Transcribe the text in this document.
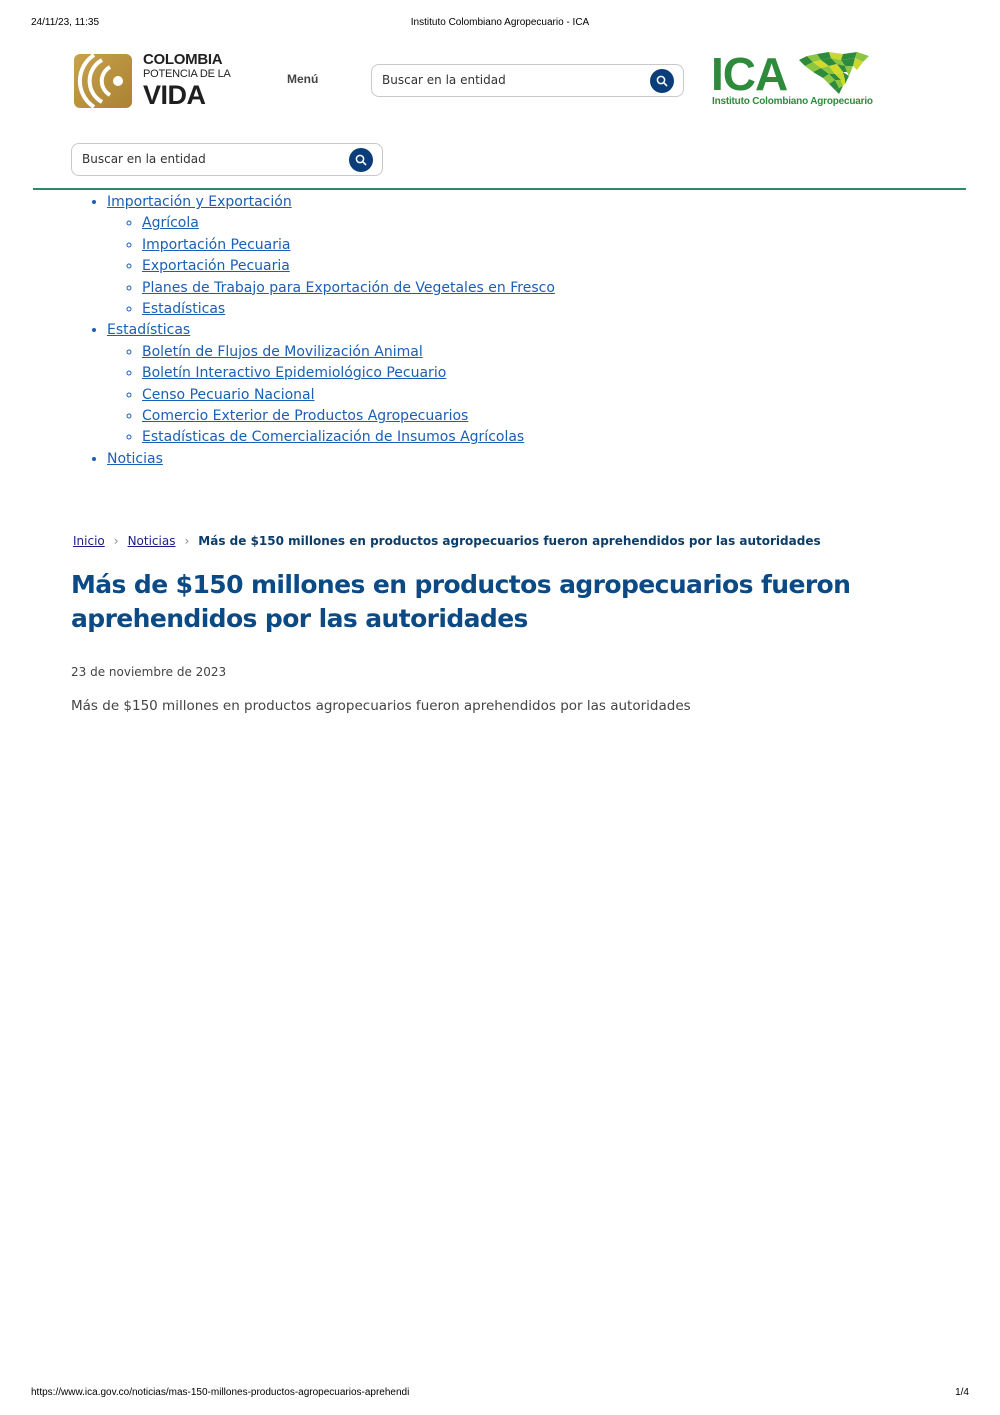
24/11/23, 11:35	Instituto Colombiano Agropecuario - ICA
COLOMBIA
POTENCIA DE LA
VIDA
Menú
Buscar en la entidad	ICA
Instituto Colombiano Agropecuario
Buscar en la entidad
• Importación y Exportación
◦ Agrícola
◦ Importación Pecuaria
◦ Exportación Pecuaria
◦ Planes de Trabajo para Exportación de Vegetales en Fresco
◦ Estadísticas
• Estadísticas
◦ Boletín de Flujos de Movilización Animal
◦ Boletín Interactivo Epidemiológico Pecuario
◦ Censo Pecuario Nacional
◦ Comercio Exterior de Productos Agropecuarios
◦ Estadísticas de Comercialización de Insumos Agrícolas
• Noticias
Inicio › Noticias › Más de $150 millones en productos agropecuarios fueron aprehendidos por las autoridades
Más de $150 millones en productos agropecuarios fueron aprehendidos por las autoridades
23 de noviembre de 2023
Más de $150 millones en productos agropecuarios fueron aprehendidos por las autoridades
https://www.ica.gov.co/noticias/mas-150-millones-productos-agropecuarios-aprehendi	1/4
